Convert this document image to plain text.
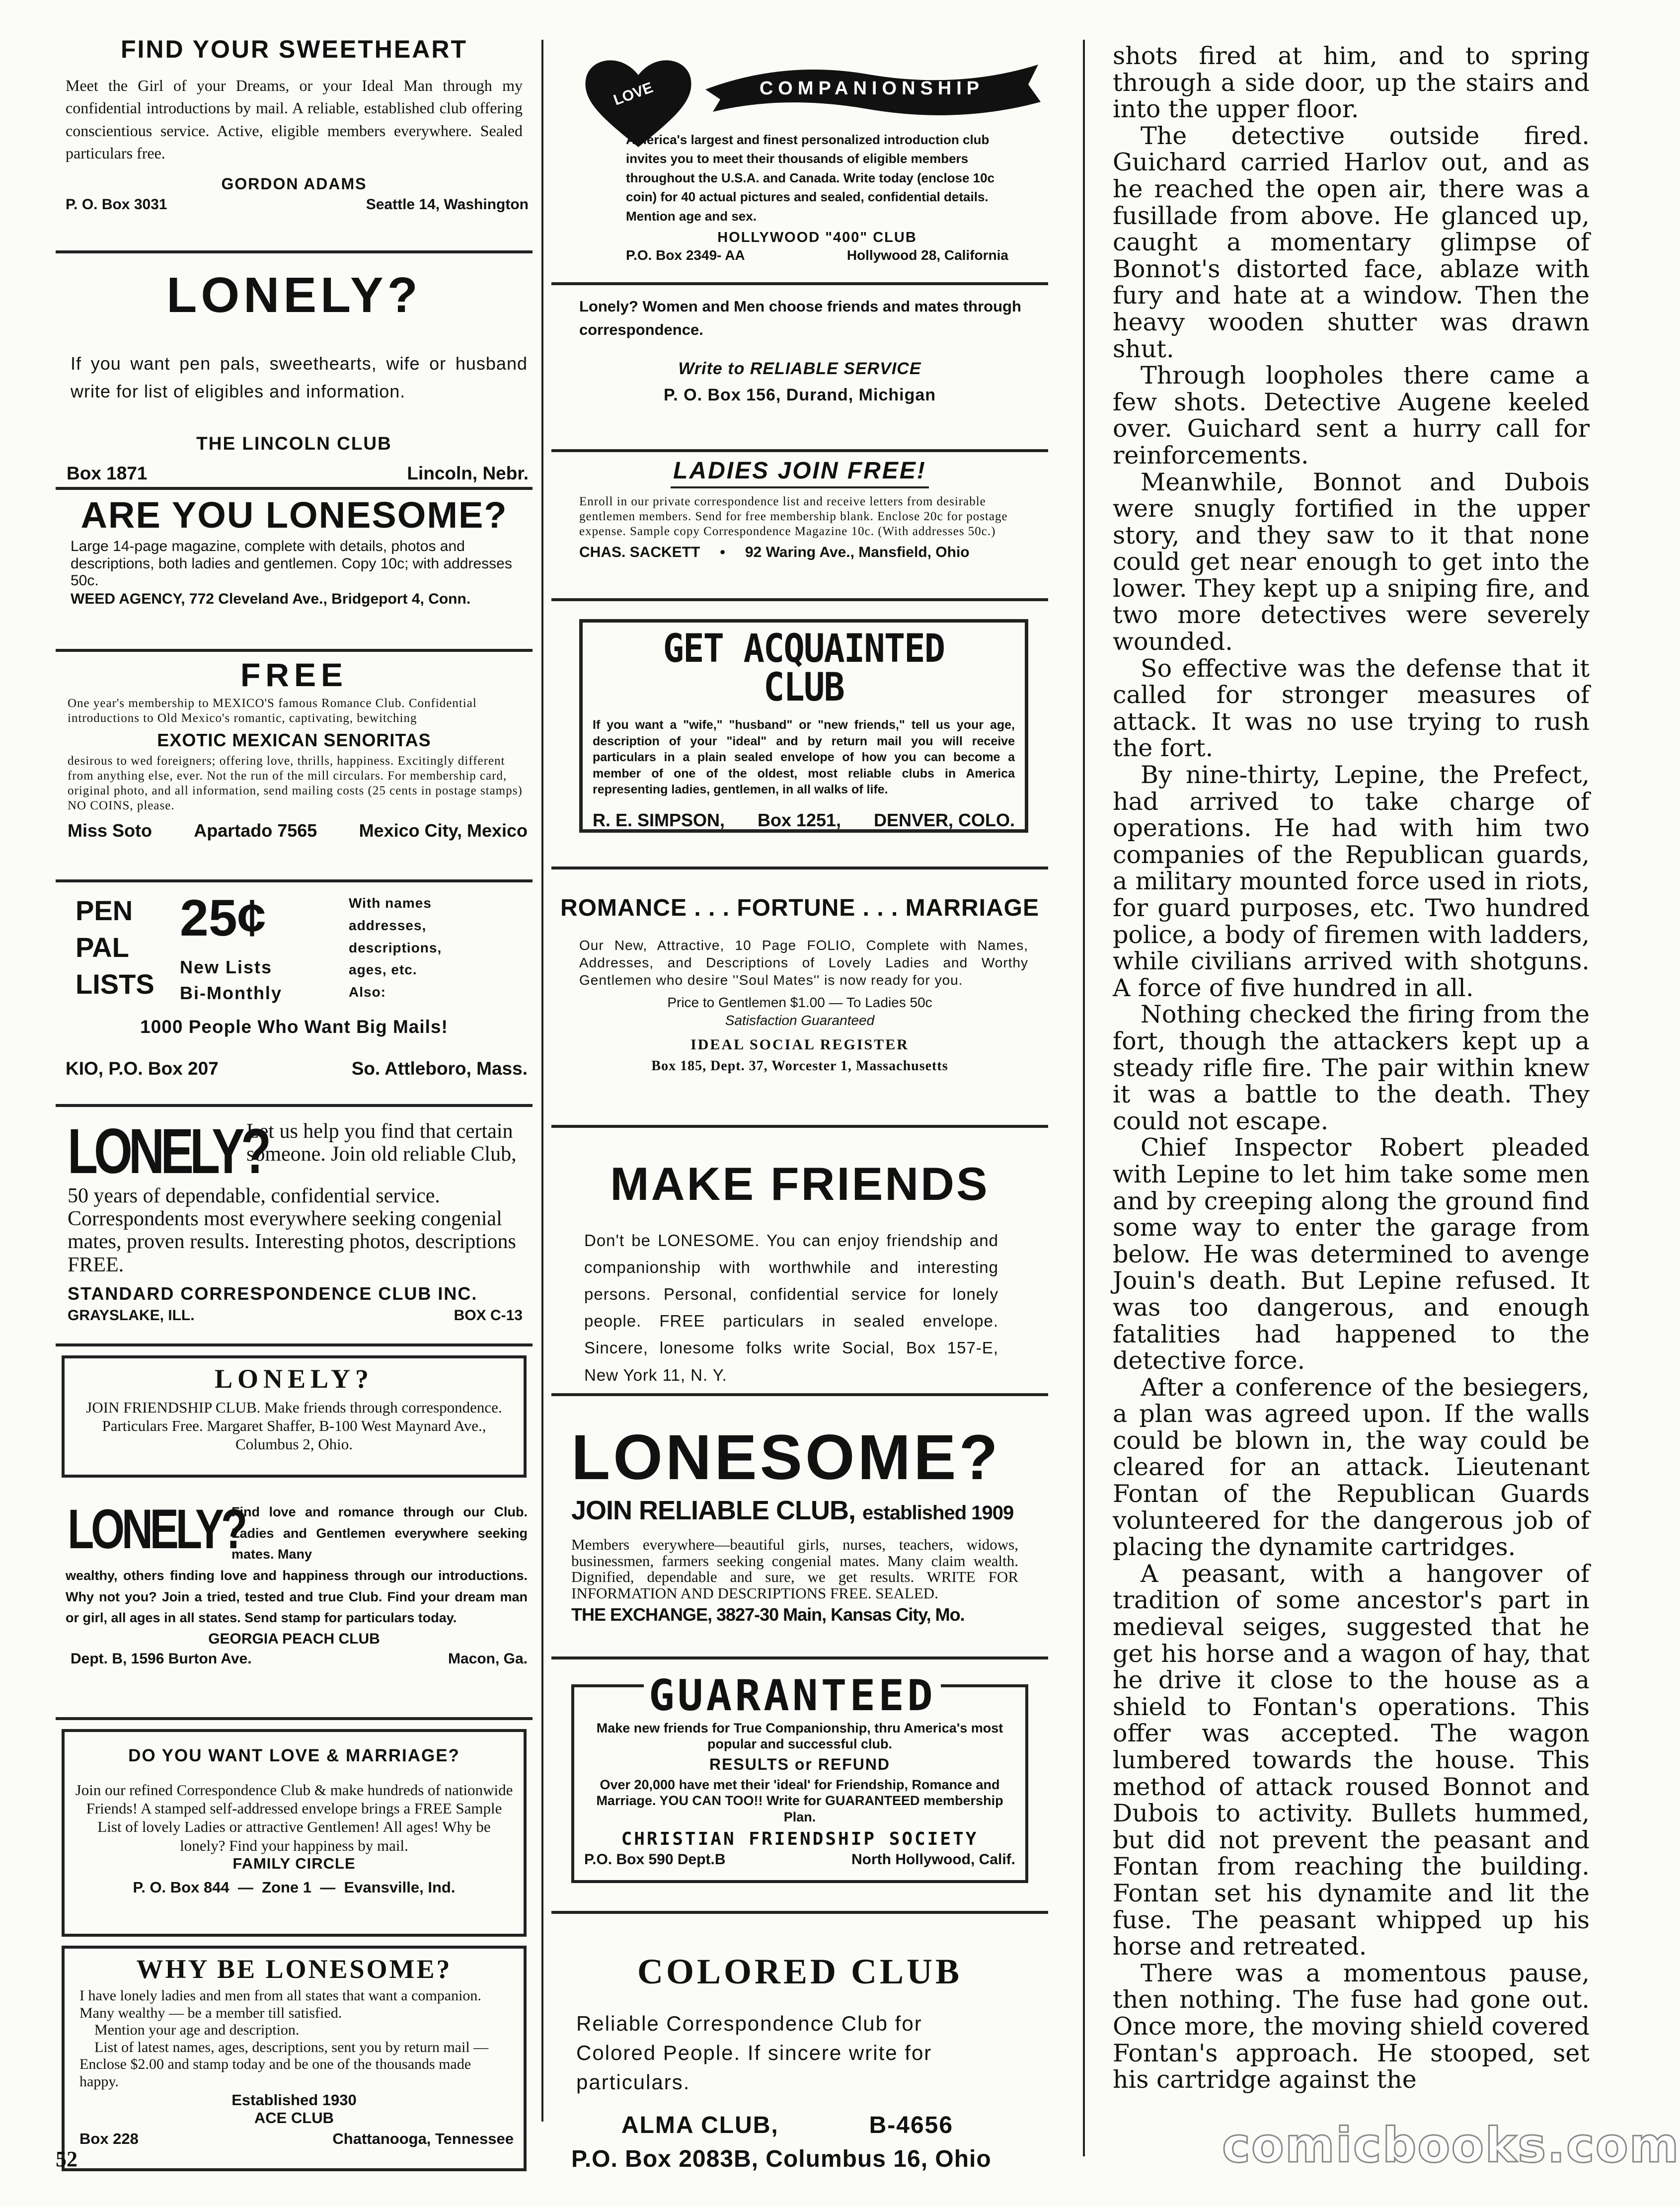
FIND YOUR SWEETHEART

Meet the Girl of your Dreams, or your Ideal Man through my confidential introductions by mail. A reliable, established club offering conscientious service. Active, eligible members everywhere. Sealed particulars free.

GORDON ADAMS

P. O. Box 3031	Seattle 14, Washington

LONELY?

If you want pen pals, sweethearts, wife or husband write for list of eligibles and information.

THE LINCOLN CLUB

Box 1871	Lincoln, Nebr.

ARE YOU LONESOME?

Large 14-page magazine, complete with details, photos and descriptions, both ladies and gentlemen. Copy 10c; with addresses 50c.

WEED AGENCY, 772 Cleveland Ave., Bridgeport 4, Conn.

FREE

One year's membership to MEXICO'S famous Romance Club. Confidential introductions to Old Mexico's romantic, captivating, bewitching

EXOTIC MEXICAN SENORITAS

desirous to wed foreigners; offering love, thrills, happiness. Excitingly different from anything else, ever. Not the run of the mill circulars. For membership card, original photo, and all information, send mailing costs (25 cents in postage stamps) NO COINS, please.

Miss Soto Apartado 7565 Mexico City, Mexico
PEN
PAL
LISTS
25¢
New Lists
Bi-Monthly
With names
addresses,
descriptions,
ages, etc.
Also:

1000 People Who Want Big Mails!

KIO, P.O. Box 207	So. Attleboro, Mass.
LONELY?

Let us help you find that certain someone. Join old reliable Club,

50 years of dependable, confidential service. Correspondents most everywhere seeking congenial mates, proven results. Interesting photos, descriptions FREE.

STANDARD CORRESPONDENCE CLUB INC.

GRAYSLAKE, ILL.	BOX C-13

LONELY?

JOIN FRIENDSHIP CLUB. Make friends through correspondence. Particulars Free. Margaret Shaffer, B-100 West Maynard Ave., Columbus 2, Ohio.

LONELY?

Find love and romance through our Club. Ladies and Gentlemen everywhere seeking mates. Many

wealthy, others finding love and happiness through our introductions. Why not you? Join a tried, tested and true Club. Find your dream man or girl, all ages in all states. Send stamp for particulars today.

GEORGIA PEACH CLUB

Dept. B, 1596 Burton Ave.	Macon, Ga.

DO YOU WANT LOVE & MARRIAGE?

Join our refined Correspondence Club & make hundreds of nationwide Friends! A stamped self-addressed envelope brings a FREE Sample List of lovely Ladies or attractive Gentlemen! All ages! Why be lonely? Find your happiness by mail.

FAMILY CIRCLE

P. O. Box 844  —  Zone 1  —  Evansville, Ind.

WHY BE LONESOME?

I have lonely ladies and men from all states that want a companion. Many wealthy — be a member till satisfied.

Mention your age and description.

List of latest names, ages, descriptions, sent you by return mail — Enclose $2.00 and stamp today and be one of the thousands made happy.

Established 1930

ACE CLUB

Box 228	Chattanooga, Tennessee
LOVE	COMPANIONSHIP

America's largest and finest personalized introduction club invites you to meet their thousands of eligible members throughout the U.S.A. and Canada. Write today (enclose 10c coin) for 40 actual pictures and sealed, confidential details. Mention age and sex.

HOLLYWOOD "400" CLUB

P.O. Box 2349- AA	Hollywood 28, California

Lonely? Women and Men choose friends and mates through correspondence.

Write to RELIABLE SERVICE

P. O. Box 156, Durand, Michigan

LADIES JOIN FREE!

Enroll in our private correspondence list and receive letters from desirable gentlemen members. Send for free membership blank. Enclose 20c for postage expense. Sample copy Correspondence Magazine 10c. (With addresses 50c.)

CHAS. SACKETT • 92 Waring Ave., Mansfield, Ohio

GET ACQUAINTED CLUB

If you want a "wife," "husband" or "new friends," tell us your age, description of your "ideal" and by return mail you will receive particulars in a plain sealed envelope of how you can become a member of one of the oldest, most reliable clubs in America representing ladies, gentlemen, in all walks of life.

R. E. SIMPSON, Box 1251, DENVER, COLO.

ROMANCE . . . FORTUNE . . . MARRIAGE

Our New, Attractive, 10 Page FOLIO, Complete with Names, Addresses, and Descriptions of Lovely Ladies and Worthy Gentlemen who desire ''Soul Mates'' is now ready for you.

Price to Gentlemen $1.00 — To Ladies 50c

Satisfaction Guaranteed

IDEAL SOCIAL REGISTER

Box 185, Dept. 37, Worcester 1, Massachusetts

MAKE FRIENDS

Don't be LONESOME. You can enjoy friendship and companionship with worthwhile and interesting persons. Personal, confidential service for lonely people. FREE particulars in sealed envelope. Sincere, lonesome folks write Social, Box 157-E, New York 11, N. Y.

LONESOME?

JOIN RELIABLE CLUB, established 1909

Members everywhere—beautiful girls, nurses, teachers, widows, businessmen, farmers seeking congenial mates. Many claim wealth. Dignified, dependable and sure, we get results. WRITE FOR INFORMATION AND DESCRIPTIONS FREE. SEALED.

THE EXCHANGE, 3827-30 Main, Kansas City, Mo.

GUARANTEED

Make new friends for True Companionship, thru America's most popular and successful club.

RESULTS or REFUND

Over 20,000 have met their 'ideal' for Friendship, Romance and Marriage. YOU CAN TOO!! Write for GUARANTEED membership Plan.

CHRISTIAN FRIENDSHIP SOCIETY

P.O. Box 590 Dept.B	North Hollywood, Calif.

COLORED CLUB

Reliable Correspondence Club for Colored People. If sincere write for particulars.

ALMA CLUB,	B-4656

P.O. Box 2083B, Columbus 16, Ohio

shots fired at him, and to spring through a side door, up the stairs and into the upper floor.

The detective outside fired. Guichard carried Harlov out, and as he reached the open air, there was a fusillade from above. He glanced up, caught a momentary glimpse of Bonnot's distorted face, ablaze with fury and hate at a window. Then the heavy wooden shutter was drawn shut.

Through loopholes there came a few shots. Detective Augene keeled over. Guichard sent a hurry call for reinforcements.

Meanwhile, Bonnot and Dubois were snugly fortified in the upper story, and they saw to it that none could get near enough to get into the lower. They kept up a sniping fire, and two more detectives were severely wounded.

So effective was the defense that it called for stronger measures of attack. It was no use trying to rush the fort.

By nine-thirty, Lepine, the Prefect, had arrived to take charge of operations. He had with him two companies of the Republican guards, a military mounted force used in riots, for guard purposes, etc. Two hundred police, a body of firemen with ladders, while civilians arrived with shotguns. A force of five hundred in all.

Nothing checked the firing from the fort, though the attackers kept up a steady rifle fire. The pair within knew it was a battle to the death. They could not escape.

Chief Inspector Robert pleaded with Lepine to let him take some men and by creeping along the ground find some way to enter the garage from below. He was determined to avenge Jouin's death. But Lepine refused. It was too dangerous, and enough fatalities had happened to the detective force.

After a conference of the besiegers, a plan was agreed upon. If the walls could be blown in, the way could be cleared for an attack. Lieutenant Fontan of the Republican Guards volunteered for the dangerous job of placing the dynamite cartridges.

A peasant, with a hangover of tradition of some ancestor's part in medieval seiges, suggested that he get his horse and a wagon of hay, that he drive it close to the house as a shield to Fontan's operations. This offer was accepted. The wagon lumbered towards the house. This method of attack roused Bonnot and Dubois to activity. Bullets hummed, but did not prevent the peasant and Fontan from reaching the building. Fontan set his dynamite and lit the fuse. The peasant whipped up his horse and retreated.

There was a momentous pause, then nothing. The fuse had gone out. Once more, the moving shield covered Fontan's approach. He stooped, set his cartridge against the

52	comicbooks.com
